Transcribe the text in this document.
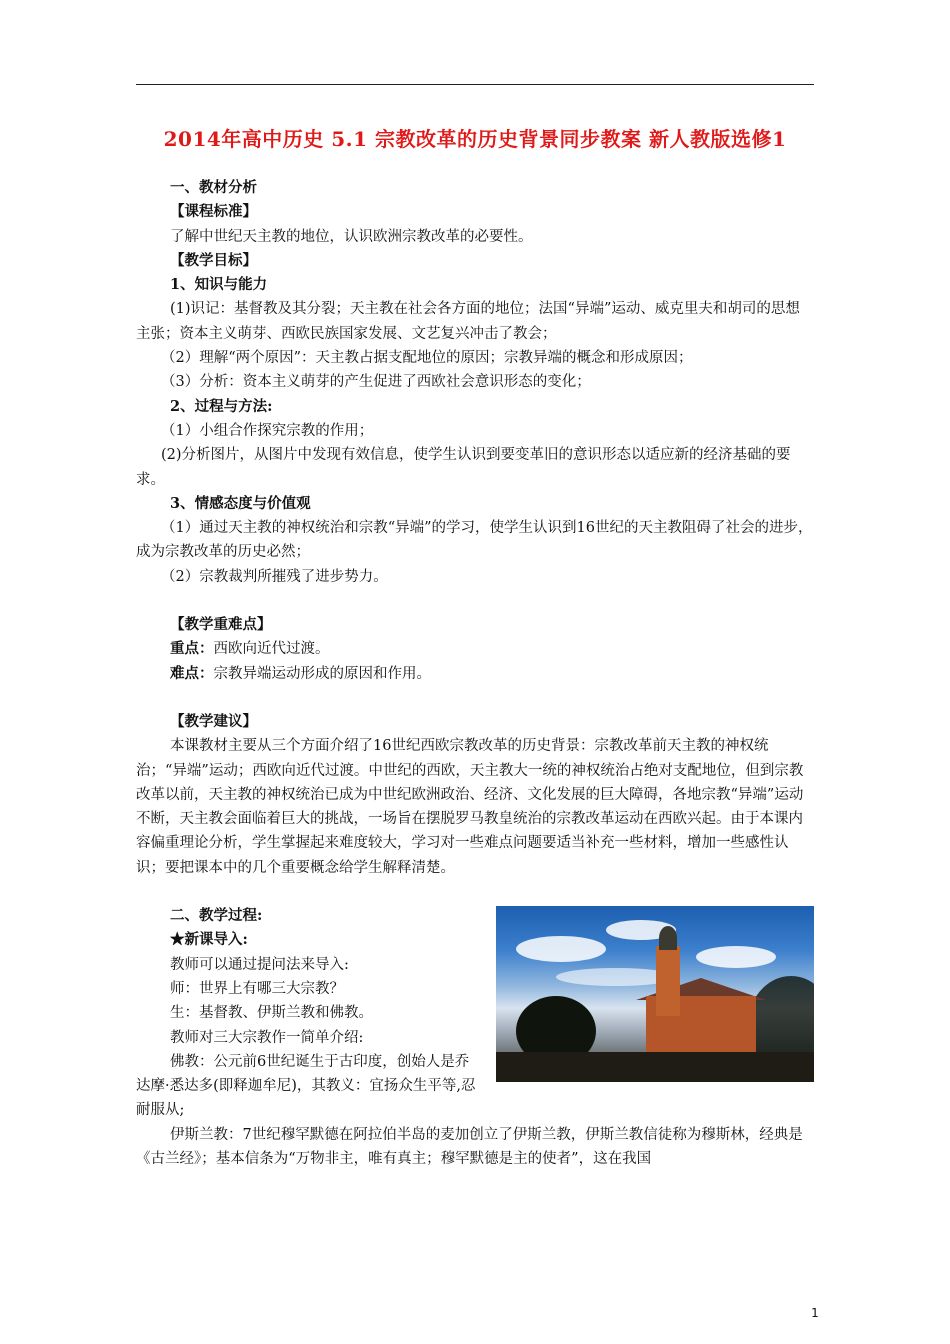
2014年高中历史 5.1 宗教改革的历史背景同步教案 新人教版选修1

一、教材分析

【课程标准】

了解中世纪天主教的地位，认识欧洲宗教改革的必要性。

【教学目标】

1、知识与能力

(1)识记：基督教及其分裂；天主教在社会各方面的地位；法国“异端”运动、威克里夫和胡司的思想主张；资本主义萌芽、西欧民族国家发展、文艺复兴冲击了教会；

（2）理解“两个原因”：天主教占据支配地位的原因；宗教异端的概念和形成原因；

（3）分析：资本主义萌芽的产生促进了西欧社会意识形态的变化；

2、过程与方法:

（1）小组合作探究宗教的作用；

(2)分析图片，从图片中发现有效信息，使学生认识到要变革旧的意识形态以适应新的经济基础的要求。

3、情感态度与价值观

（1）通过天主教的神权统治和宗教“异端”的学习，使学生认识到16世纪的天主教阻碍了社会的进步，成为宗教改革的历史必然；

（2）宗教裁判所摧残了进步势力。

【教学重难点】

重点：西欧向近代过渡。

难点：宗教异端运动形成的原因和作用。

【教学建议】

本课教材主要从三个方面介绍了16世纪西欧宗教改革的历史背景：宗教改革前天主教的神权统治；“异端”运动；西欧向近代过渡。中世纪的西欧，天主教大一统的神权统治占绝对支配地位，但到宗教改革以前，天主教的神权统治已成为中世纪欧洲政治、经济、文化发展的巨大障碍，各地宗教“异端”运动不断，天主教会面临着巨大的挑战，一场旨在摆脱罗马教皇统治的宗教改革运动在西欧兴起。由于本课内容偏重理论分析，学生掌握起来难度较大，学习对一些难点问题要适当补充一些材料，增加一些感性认识；要把课本中的几个重要概念给学生解释清楚。

二、教学过程:

★新课导入:

教师可以通过提问法来导入:

师：世界上有哪三大宗教？

生：基督教、伊斯兰教和佛教。

教师对三大宗教作一简单介绍:

佛教：公元前6世纪诞生于古印度，创始人是乔达摩·悉达多(即释迦牟尼)，其教义：宜扬众生平等,忍耐服从;

伊斯兰教：7世纪穆罕默德在阿拉伯半岛的麦加创立了伊斯兰教，伊斯兰教信徒称为穆斯林，经典是《古兰经》；基本信条为“万物非主，唯有真主；穆罕默德是主的使者”，这在我国

1
